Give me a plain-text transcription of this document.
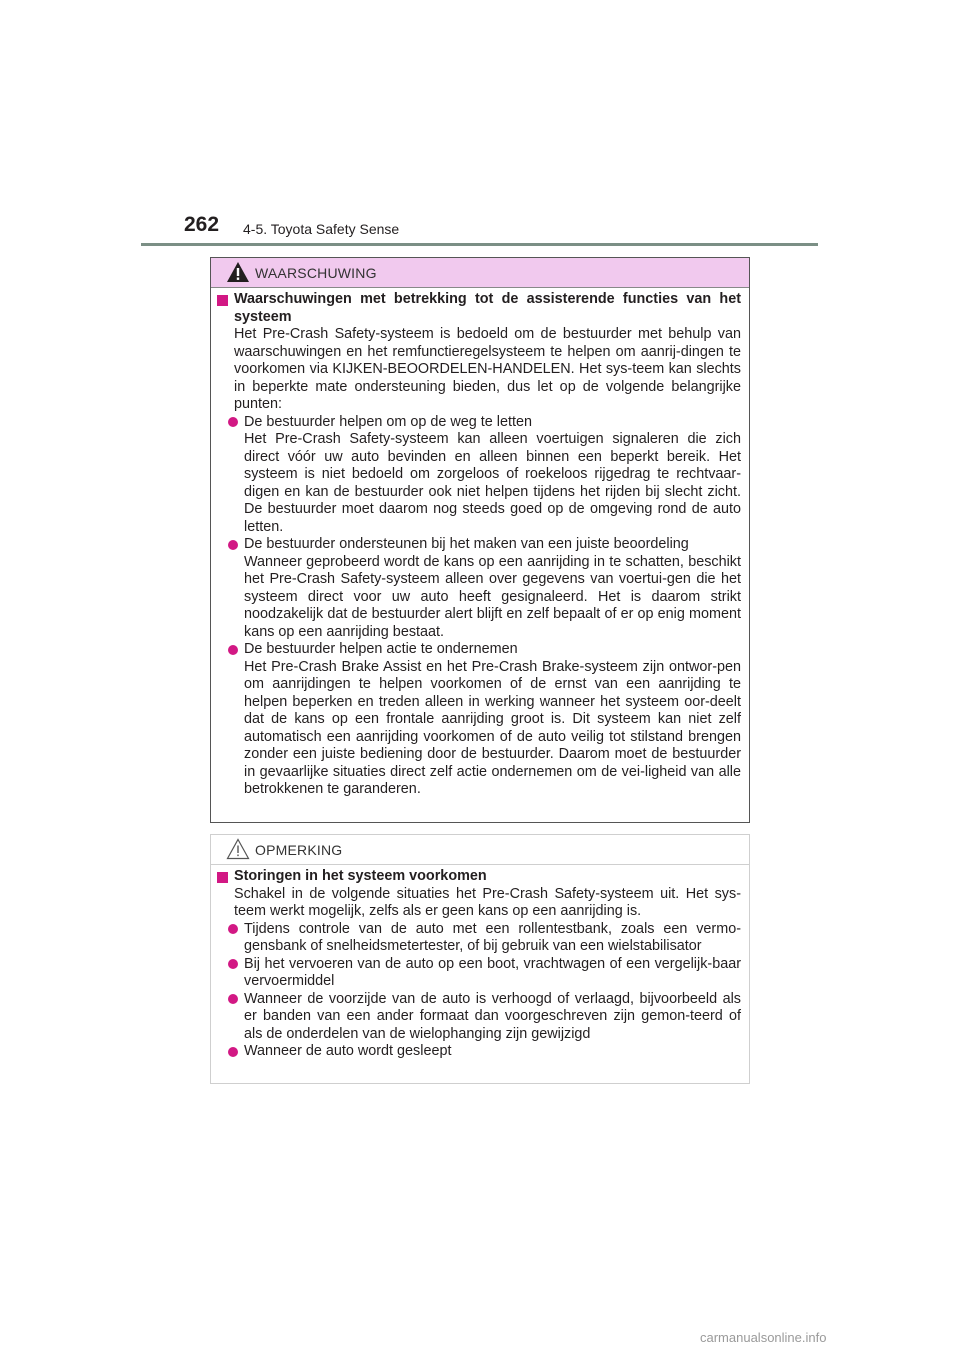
262 4-5. Toyota Safety Sense
WAARSCHUWING
Waarschuwingen met betrekking tot de assisterende functies van het systeem
Het Pre-Crash Safety-systeem is bedoeld om de bestuurder met behulp van waarschuwingen en het remfunctieregelsysteem te helpen om aanrij-dingen te voorkomen via KIJKEN-BEOORDELEN-HANDELEN. Het sys-teem kan slechts in beperkte mate ondersteuning bieden, dus let op de volgende belangrijke punten:
De bestuurder helpen om op de weg te letten
Het Pre-Crash Safety-systeem kan alleen voertuigen signaleren die zich direct vóór uw auto bevinden en alleen binnen een beperkt bereik. Het systeem is niet bedoeld om zorgeloos of roekeloos rijgedrag te rechtvaar-digen en kan de bestuurder ook niet helpen tijdens het rijden bij slecht zicht. De bestuurder moet daarom nog steeds goed op de omgeving rond de auto letten.
De bestuurder ondersteunen bij het maken van een juiste beoordeling
Wanneer geprobeerd wordt de kans op een aanrijding in te schatten, beschikt het Pre-Crash Safety-systeem alleen over gegevens van voertui-gen die het systeem direct voor uw auto heeft gesignaleerd. Het is daarom strikt noodzakelijk dat de bestuurder alert blijft en zelf bepaalt of er op enig moment kans op een aanrijding bestaat.
De bestuurder helpen actie te ondernemen
Het Pre-Crash Brake Assist en het Pre-Crash Brake-systeem zijn ontwor-pen om aanrijdingen te helpen voorkomen of de ernst van een aanrijding te helpen beperken en treden alleen in werking wanneer het systeem oor-deelt dat de kans op een frontale aanrijding groot is. Dit systeem kan niet zelf automatisch een aanrijding voorkomen of de auto veilig tot stilstand brengen zonder een juiste bediening door de bestuurder. Daarom moet de bestuurder in gevaarlijke situaties direct zelf actie ondernemen om de vei-ligheid van alle betrokkenen te garanderen.
OPMERKING
Storingen in het systeem voorkomen
Schakel in de volgende situaties het Pre-Crash Safety-systeem uit. Het sys-teem werkt mogelijk, zelfs als er geen kans op een aanrijding is.
Tijdens controle van de auto met een rollentestbank, zoals een vermo-gensbank of snelheidsmetertester, of bij gebruik van een wielstabilisator
Bij het vervoeren van de auto op een boot, vrachtwagen of een vergelijk-baar vervoermiddel
Wanneer de voorzijde van de auto is verhoogd of verlaagd, bijvoorbeeld als er banden van een ander formaat dan voorgeschreven zijn gemon-teerd of als de onderdelen van de wielophanging zijn gewijzigd
Wanneer de auto wordt gesleept
carmanualsonline.info
